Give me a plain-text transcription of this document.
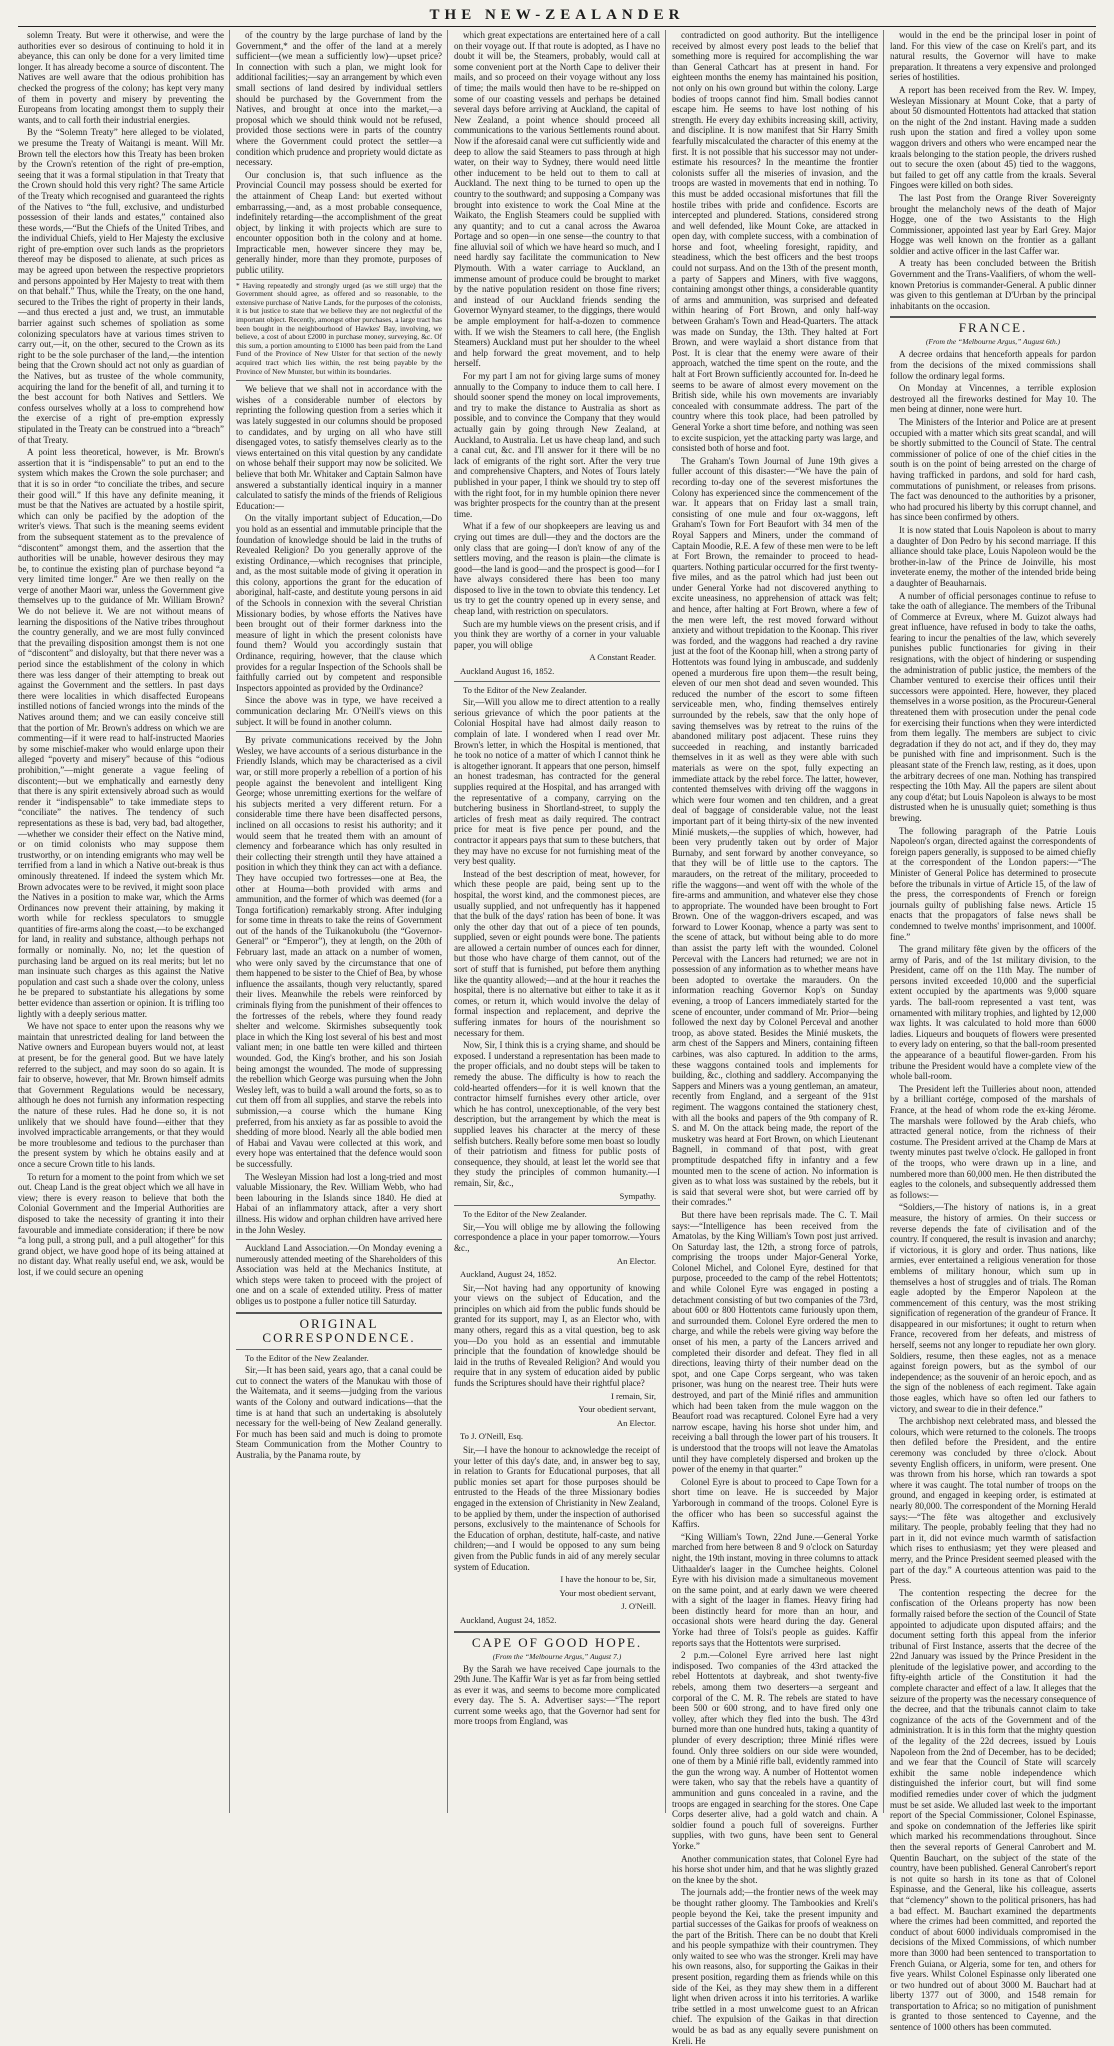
THE NEW-ZEALANDER

solemn Treaty. But were it otherwise, and were the authorities ever so desirous of continuing to hold it in abeyance, this can only be done for a very limited time longer. It has already become a source of discontent. The Natives are well aware that the odious prohibition has checked the progress of the colony; has kept very many of them in poverty and misery by preventing the Europeans from locating amongst them to supply their wants, and to call forth their industrial energies.

By the “Solemn Treaty” here alleged to be violated, we presume the Treaty of Waitangi is meant. Will Mr. Brown tell the electors how this Treaty has been broken by the Crown's retention of the right of pre-emption, seeing that it was a formal stipulation in that Treaty that the Crown should hold this very right? The same Article of the Treaty which recognised and guaranteed the rights of the Natives to “the full, exclusive, and undisturbed possession of their lands and estates,” contained also these words,—“But the Chiefs of the United Tribes, and the individual Chiefs, yield to Her Majesty the exclusive right of pre-emption over such lands as the proprietors thereof may be disposed to alienate, at such prices as may be agreed upon between the respective proprietors and persons appointed by Her Majesty to treat with them on that behalf.” Thus, while the Treaty, on the one hand, secured to the Tribes the right of property in their lands,—and thus erected a just and, we trust, an immutable barrier against such schemes of spoliation as some colonizing speculators have at various times striven to carry out,—it, on the other, secured to the Crown as its right to be the sole purchaser of the land,—the intention being that the Crown should act not only as guardian of the Natives, but as trustee of the whole community, acquiring the land for the benefit of all, and turning it to the best account for both Natives and Settlers. We confess ourselves wholly at a loss to comprehend how the exercise of a right of pre-emption expressly stipulated in the Treaty can be construed into a “breach” of that Treaty.

A point less theoretical, however, is Mr. Brown's assertion that it is “indispensable” to put an end to the system which makes the Crown the sole purchaser; and that it is so in order “to conciliate the tribes, and secure their good will.” If this have any definite meaning, it must be that the Natives are actuated by a hostile spirit, which can only be pacified by the adoption of the writer's views. That such is the meaning seems evident from the subsequent statement as to the prevalence of “discontent” amongst them, and the assertion that the authorities will be unable, however desirous they may be, to continue the existing plan of purchase beyond “a very limited time longer.” Are we then really on the verge of another Maori war, unless the Government give themselves up to the guidance of Mr. William Brown? We do not believe it. We are not without means of learning the dispositions of the Native tribes throughout the country generally, and we are most fully convinced that the prevailing disposition amongst them is not one of “discontent” and disloyalty, but that there never was a period since the establishment of the colony in which there was less danger of their attempting to break out against the Government and the settlers. In past days there were localities in which disaffected Europeans instilled notions of fancied wrongs into the minds of the Natives around them; and we can easily conceive still that the portion of Mr. Brown's address on which we are commenting—if it were read to half-instructed Maories by some mischief-maker who would enlarge upon their alleged “poverty and misery” because of this “odious prohibition,”—might generate a vague feeling of discontent;—but we emphatically and earnestly deny that there is any spirit extensively abroad such as would render it “indispensable” to take immediate steps to “conciliate” the natives. The tendency of such representations as these is bad, very bad, bad altogether,—whether we consider their effect on the Native mind, or on timid colonists who may suppose them trustworthy, or on intending emigrants who may well be terrified from a land in which a Native out-break is thus ominously threatened. If indeed the system which Mr. Brown advocates were to be revived, it might soon place the Natives in a position to make war, which the Arms Ordinances now prevent their attaining, by making it worth while for reckless speculators to smuggle quantities of fire-arms along the coast,—to be exchanged for land, in reality and substance, although perhaps not formally or nominally. No, no; let the question of purchasing land be argued on its real merits; but let no man insinuate such charges as this against the Native population and cast such a shade over the colony, unless he be prepared to substantiate his allegations by some better evidence than assertion or opinion. It is trifling too lightly with a deeply serious matter.

We have not space to enter upon the reasons why we maintain that unrestricted dealing for land between the Native owners and European buyers would not, at least at present, be for the general good. But we have lately referred to the subject, and may soon do so again. It is fair to observe, however, that Mr. Brown himself admits that Government Regulations would be necessary, although he does not furnish any information respecting the nature of these rules. Had he done so, it is not unlikely that we should have found—either that they involved impracticable arrangements, or that they would be more troublesome and tedious to the purchaser than the present system by which he obtains easily and at once a secure Crown title to his lands.

To return for a moment to the point from which we set out. Cheap Land is the great object which we all have in view; there is every reason to believe that both the Colonial Government and the Imperial Authorities are disposed to take the necessity of granting it into their favourable and immediate consideration; if there be now “a long pull, a strong pull, and a pull altogether” for this grand object, we have good hope of its being attained at no distant day. What really useful end, we ask, would be lost, if we could secure an opening

of the country by the large purchase of land by the Government,* and the offer of the land at a merely sufficient—(we mean a sufficiently low)—upset price? In connection with such a plan, we might look for additional facilities;—say an arrangement by which even small sections of land desired by individual settlers should be purchased by the Government from the Natives, and brought at once into the market,—a proposal which we should think would not be refused, provided those sections were in parts of the country where the Government could protect the settler—a condition which prudence and propriety would dictate as necessary.

Our conclusion is, that such influence as the Provincial Council may possess should be exerted for the attainment of Cheap Land: but exerted without embarrassing,—and, as a most probable consequence, indefinitely retarding—the accomplishment of the great object, by linking it with projects which are sure to encounter opposition both in the colony and at home. Impracticable men, however sincere they may be, generally hinder, more than they promote, purposes of public utility.

* Having repeatedly and strongly urged (as we still urge) that the Government should agree, as offered and so reasonable, to the extensive purchase of Native Lands, for the purposes of the colonists, it is but justice to state that we believe they are not neglectful of the important object. Recently, amongst other purchases, a large tract has been bought in the neighbourhood of Hawkes' Bay, involving, we believe, a cost of about £2000 in purchase money, surveying, &c. Of this sum, a portion amounting to £1000 has been paid from the Land Fund of the Province of New Ulster for that section of the newly acquired tract which lies within, the rest being payable by the Province of New Munster, but within its boundaries.

We believe that we shall not in accordance with the wishes of a considerable number of electors by reprinting the following question from a series which it was lately suggested in our columns should be proposed to candidates, and by urging on all who have still disengaged votes, to satisfy themselves clearly as to the views entertained on this vital question by any candidate on whose behalf their support may now be solicited. We believe that both Mr. Whitaker and Captain Salmon have answered a substantially identical inquiry in a manner calculated to satisfy the minds of the friends of Religious Education:—

On the vitally important subject of Education,—Do you hold as an essential and immutable principle that the foundation of knowledge should be laid in the truths of Revealed Religion? Do you generally approve of the existing Ordinance,—which recognises that principle, and, as the most suitable mode of giving it operation in this colony, apportions the grant for the education of aboriginal, half-caste, and destitute young persons in aid of the Schools in connexion with the several Christian Missionary bodies, by whose efforts the Natives have been brought out of their former darkness into the measure of light in which the present colonists have found them? Would you accordingly sustain that Ordinance, requiring, however, that the clause which provides for a regular Inspection of the Schools shall be faithfully carried out by competent and responsible Inspectors appointed as provided by the Ordinance?

Since the above was in type, we have received a communication declaring Mr. O'Neill's views on this subject. It will be found in another column.

By private communications received by the John Wesley, we have accounts of a serious disturbance in the Friendly Islands, which may be characterised as a civil war, or still more properly a rebellion of a portion of his people against the benevolent and intelligent King George; whose unremitting exertions for the welfare of his subjects merited a very different return. For a considerable time there have been disaffected persons, inclined on all occasions to resist his authority; and it would seem that he treated them with an amount of clemency and forbearance which has only resulted in their collecting their strength until they have attained a position in which they think they can act with a defiance. They have occupied two fortresses—one at Bea, the other at Houma—both provided with arms and ammunition, and the former of which was deemed (for a Tonga fortification) remarkably strong. After indulging for some time in threats to take the reins of Government out of the hands of the Tuikanokubolu (the “Governor-General” or “Emperor”), they at length, on the 20th of February last, made an attack on a number of women, who were only saved by the circumstance that one of them happened to be sister to the Chief of Bea, by whose influence the assailants, though very reluctantly, spared their lives. Meanwhile the rebels were reinforced by criminals flying from the punishment of their offences to the fortresses of the rebels, where they found ready shelter and welcome. Skirmishes subsequently took place in which the King lost several of his best and most valiant men; in one battle ten were killed and thirteen wounded. God, the King's brother, and his son Josiah being amongst the wounded. The mode of suppressing the rebellion which George was pursuing when the John Wesley left, was to build a wall around the forts, so as to cut them off from all supplies, and starve the rebels into submission,—a course which the humane King preferred, from his anxiety as far as possible to avoid the shedding of more blood. Nearly all the able bodied men of Habai and Vavau were collected at this work, and every hope was entertained that the defence would soon be successfully.

The Wesleyan Mission had lost a long-tried and most valuable Missionary, the Rev. William Webb, who had been labouring in the Islands since 1840. He died at Habai of an inflammatory attack, after a very short illness. His widow and orphan children have arrived here in the John Wesley.

Auckland Land Association.—On Monday evening a numerously attended meeting of the Shareholders of this Association was held at the Mechanics Institute, at which steps were taken to proceed with the project of one and on a scale of extended utility. Press of matter obliges us to postpone a fuller notice till Saturday.

ORIGINAL CORRESPONDENCE.
To the Editor of the New Zealander.

Sir,—It has been said, years ago, that a canal could be cut to connect the waters of the Manukau with those of the Waitemata, and it seems—judging from the various wants of the Colony and outward indications—that the time is at hand that such an undertaking is absolutely necessary for the well-being of New Zealand generally. For much has been said and much is doing to promote Steam Communication from the Mother Country to Australia, by the Panama route, by

which great expectations are entertained here of a call on their voyage out. If that route is adopted, as I have no doubt it will be, the Steamers, probably, would call at some convenient port at the North Cape to deliver their mails, and so proceed on their voyage without any loss of time; the mails would then have to be re-shipped on some of our coasting vessels and perhaps be detained several days before arriving at Auckland, the capital of New Zealand, a point whence should proceed all communications to the various Settlements round about. Now if the aforesaid canal were cut sufficiently wide and deep to allow the said Steamers to pass through at high water, on their way to Sydney, there would need little other inducement to be held out to them to call at Auckland. The next thing to be turned to open up the country to the southward; and supposing a Company was brought into existence to work the Coal Mine at the Waikato, the English Steamers could be supplied with any quantity; and to cut a canal across the Awaroa Portage and so open—in one sense—the country to that fine alluvial soil of which we have heard so much, and I need hardly say facilitate the communication to New Plymouth. With a water carriage to Auckland, an immense amount of produce could be brought to market by the native population resident on those fine rivers; and instead of our Auckland friends sending the Governor Wynyard steamer, to the diggings, there would be ample employment for half-a-dozen to commence with. If we wish the Steamers to call here, (the English Steamers) Auckland must put her shoulder to the wheel and help forward the great movement, and to help herself.

For my part I am not for giving large sums of money annually to the Company to induce them to call here. I should sooner spend the money on local improvements, and try to make the distance to Australia as short as possible, and to convince the Company that they would actually gain by going through New Zealand, at Auckland, to Australia. Let us have cheap land, and such a canal cut, &c. and I'll answer for it there will be no lack of emigrants of the right sort. After the very true and comprehensive Chapters, and Notes of Tours lately published in your paper, I think we should try to step off with the right foot, for in my humble opinion there never was brighter prospects for the country than at the present time.

What if a few of our shopkeepers are leaving us and crying out times are dull—they and the doctors are the only class that are going—I don't know of any of the settlers moving, and the reason is plain—the climate is good—the land is good—and the prospect is good—for I have always considered there has been too many disposed to live in the town to obviate this tendency. Let us try to get the country opened up in every sense, and cheap land, with restriction on speculators.

Such are my humble views on the present crisis, and if you think they are worthy of a corner in your valuable paper, you will oblige

A Constant Reader.
Auckland August 16, 1852.
To the Editor of the New Zealander.

Sir,—Will you allow me to direct attention to a really serious grievance of which the poor patients at the Colonial Hospital have had almost daily reason to complain of late. I wondered when I read over Mr. Brown's letter, in which the Hospital is mentioned, that he took no notice of a matter of which I cannot think he is altogether ignorant. It appears that one person, himself an honest tradesman, has contracted for the general supplies required at the Hospital, and has arranged with the representative of a company, carrying on the butchering business in Shortland-street, to supply the articles of fresh meat as daily required. The contract price for meat is five pence per pound, and the contractor it appears pays that sum to these butchers, that they may have no excuse for not furnishing meat of the very best quality.

Instead of the best description of meat, however, for which these people are paid, being sent up to the hospital, the worst kind, and the commonest pieces, are usually supplied, and not unfrequently has it happened that the bulk of the days' ration has been of bone. It was only the other day that out of a piece of ten pounds, supplied, seven or eight pounds were bone. The patients are allowed a certain number of ounces each for dinner, but those who have charge of them cannot, out of the sort of stuff that is furnished, put before them anything like the quantity allowed;—and at the hour it reaches the hospital, there is no alternative but either to take it as it comes, or return it, which would involve the delay of formal inspection and replacement, and deprive the suffering inmates for hours of the nourishment so necessary for them.

Now, Sir, I think this is a crying shame, and should be exposed. I understand a representation has been made to the proper officials, and no doubt steps will be taken to remedy the abuse. The difficulty is how to reach the cold-hearted offenders—for it is well known that the contractor himself furnishes every other article, over which he has control, unexceptionable, of the very best description, but the arrangement by which the meat is supplied leaves his character at the mercy of these selfish butchers. Really before some men boast so loudly of their patriotism and fitness for public posts of consequence, they should, at least let the world see that they study the principles of common humanity.—I remain, Sir, &c.,

Sympathy.
To the Editor of the New Zealander.

Sir,—You will oblige me by allowing the following correspondence a place in your paper tomorrow.—Yours &c.,

An Elector.
Auckland, August 24, 1852.

Sir,—Not having had any opportunity of knowing your views on the subject of Education, and the principles on which aid from the public funds should be granted for its support, may I, as an Elector who, with many others, regard this as a vital question, beg to ask you—Do you hold as an essential and immutable principle that the foundation of knowledge should be laid in the truths of Revealed Religion? And would you require that in any system of education aided by public funds the Scriptures should have their rightful place?

I remain, Sir,
Your obedient servant,
An Elector.
To J. O'Neill, Esq.

Sir,—I have the honour to acknowledge the receipt of your letter of this day's date, and, in answer beg to say, in relation to Grants for Educational purposes, that all public monies set apart for those purposes should be entrusted to the Heads of the three Missionary bodies engaged in the extension of Christianity in New Zealand, to be applied by them, under the inspection of authorised persons, exclusively to the maintenance of Schools for the Education of orphan, destitute, half-caste, and native children;—and I would be opposed to any sum being given from the Public funds in aid of any merely secular system of Education.

I have the honour to be, Sir,
Your most obedient servant,
J. O'Neill.
Auckland, August 24, 1852.
CAPE OF GOOD HOPE.
(From the “Melbourne Argus,” August 7.)

By the Sarah we have received Cape journals to the 29th June. The Kaffir War is yet as far from being settled as ever it was, and seems to become more complicated every day. The S. A. Advertiser says:—“The report current some weeks ago, that the Governor had sent for more troops from England, was

contradicted on good authority. But the intelligence received by almost every post leads to the belief that something more is required for accomplishing the war than General Cathcart has at present in hand. For eighteen months the enemy has maintained his position, not only on his own ground but within the colony. Large bodies of troops cannot find him. Small bodies cannot escape him. He seems to have lost nothing of his strength. He every day exhibits increasing skill, activity, and discipline. It is now manifest that Sir Harry Smith fearfully miscalculated the character of this enemy at the first. It is not possible that his successor may not under-estimate his resources? In the meantime the frontier colonists suffer all the miseries of invasion, and the troops are wasted in movements that end in nothing. To this must be added occasional misfortunes that fill the hostile tribes with pride and confidence. Escorts are intercepted and plundered. Stations, considered strong and well defended, like Mount Coke, are attacked in open day, with complete success, with a combination of horse and foot, wheeling foresight, rapidity, and steadiness, which the best officers and the best troops could not surpass. And on the 13th of the present month, a party of Sappers and Miners, with five waggons, containing amongst other things, a considerable quantity of arms and ammunition, was surprised and defeated within hearing of Fort Brown, and only half-way between Graham's Town and Head-Quarters. The attack was made on Sunday, the 13th. They halted at Fort Brown, and were waylaid a short distance from that Post. It is clear that the enemy were aware of their approach, watched the time spent on the route, and the halt at Fort Brown sufficiently accounted for. In-deed he seems to be aware of almost every movement on the British side, while his own movements are invariably concealed with consummate address. The part of the country where this took place, had been patrolled by General Yorke a short time before, and nothing was seen to excite suspicion, yet the attacking party was large, and consisted both of horse and foot.

The Graham's Town Journal of June 19th gives a fuller account of this disaster:—“We have the pain of recording to-day one of the severest misfortunes the Colony has experienced since the commencement of the war. It appears that on Friday last a small train, consisting of one mule and four ox-waggons, left Graham's Town for Fort Beaufort with 34 men of the Royal Sappers and Miners, under the command of Captain Moodie, R.E. A few of these men were to be left at Fort Brown, the remainder to proceed to head-quarters. Nothing particular occurred for the first twenty-five miles, and as the patrol which had just been out under General Yorke had not discovered anything to excite uneasiness, no apprehension of attack was felt; and hence, after halting at Fort Brown, where a few of the men were left, the rest moved forward without anxiety and without trepidation to the Koonap. This river was forded, and the waggons had reached a dry ravine just at the foot of the Koonap hill, when a strong party of Hottentots was found lying in ambuscade, and suddenly opened a murderous fire upon them—the result being, eleven of our men shot dead and seven wounded. This reduced the number of the escort to some fifteen serviceable men, who, finding themselves entirely surrounded by the rebels, saw that the only hope of saving themselves was by retreat to the ruins of the abandoned military post adjacent. These ruins they succeeded in reaching, and instantly barricaded themselves in it as well as they were able with such materials as were on the spot, fully expecting an immediate attack by the rebel force. The latter, however, contented themselves with driving off the waggons in which were four women and ten children, and a great deal of baggage of considerable value, not the least important part of it being thirty-six of the new invented Minié muskets,—the supplies of which, however, had been very prudently taken out by order of Major Burnaby, and sent forward by another conveyance, so that they will be of little use to the captors. The marauders, on the retreat of the military, proceeded to rifle the waggons—and went off with the whole of the fire-arms and ammunition, and whatever else they chose to appropriate. The wounded have been brought to Fort Brown. One of the waggon-drivers escaped, and was forward to Lower Koonap, whence a party was sent to the scene of attack, but without being able to do more than assist the party left with the wounded. Colonel Perceval with the Lancers had returned; we are not in possession of any information as to whether means have been adopted to overtake the marauders. On the information reaching Governor Kop's on Sunday evening, a troop of Lancers immediately started for the scene of encounter, under command of Mr. Prior—being followed the next day by Colonel Perceval and another troop, as above stated. Besides the Minié muskets, the arm chest of the Sappers and Miners, containing fifteen carbines, was also captured. In addition to the arms, these waggons contained tools and implements for building, &c., clothing and saddlery. Accompanying the Sappers and Miners was a young gentleman, an amateur, recently from England, and a sergeant of the 91st regiment. The waggons contained the stationery chest, with all the books and papers of the 9th company of R. S. and M. On the attack being made, the report of the musketry was heard at Fort Brown, on which Lieutenant Bagnell, in command of that post, with great promptitude despatched fifty in infantry and a few mounted men to the scene of action. No information is given as to what loss was sustained by the rebels, but it is said that several were shot, but were carried off by their comrades.”

But there have been reprisals made. The C. T. Mail says:—“Intelligence has been received from the Amatolas, by the King William's Town post just arrived. On Saturday last, the 12th, a strong force of patrols, comprising the troops under Major-General Yorke, Colonel Michel, and Colonel Eyre, destined for that purpose, proceeded to the camp of the rebel Hottentots; and while Colonel Eyre was engaged in posting a detachment consisting of but two companies of the 73rd, about 600 or 800 Hottentots came furiously upon them, and surrounded them. Colonel Eyre ordered the men to charge, and while the rebels were giving way before the onset of his men, a party of the Lancers arrived and completed their disorder and defeat. They fled in all directions, leaving thirty of their number dead on the spot, and one Cape Corps sergeant, who was taken prisoner, was hung on the nearest tree. Their huts were destroyed, and part of the Minié rifles and ammunition which had been taken from the mule waggon on the Beaufort road was recaptured. Colonel Eyre had a very narrow escape, having his horse shot under him, and receiving a ball through the lower part of his trousers. It is understood that the troops will not leave the Amatolas until they have completely dispersed and broken up the power of the enemy in that quarter.”

Colonel Eyre is about to proceed to Cape Town for a short time on leave. He is succeeded by Major Yarborough in command of the troops. Colonel Eyre is the officer who has been so successful against the Kaffirs.

“King William's Town, 22nd June.—General Yorke marched from here between 8 and 9 o'clock on Saturday night, the 19th instant, moving in three columns to attack Uithaalder's laager in the Cumchee heights. Colonel Eyre with his division made a simultaneous movement on the same point, and at early dawn we were cheered with a sight of the laager in flames. Heavy firing had been distinctly heard for more than an hour, and occasional shots were heard during the day. General Yorke had three of Tolsi's people as guides. Kaffir reports says that the Hottentots were surprised.

2 p.m.—Colonel Eyre arrived here last night indisposed. Two companies of the 43rd attacked the rebel Hottentots at daybreak, and shot twenty-five rebels, among them two deserters—a sergeant and corporal of the C. M. R. The rebels are stated to have been 500 or 600 strong, and to have fired only one volley, after which they fled into the bush. The 43rd burned more than one hundred huts, taking a quantity of plunder of every description; three Minié rifles were found. Only three soldiers on our side were wounded, one of them by a Minié rifle ball, evidently rammed into the gun the wrong way. A number of Hottentot women were taken, who say that the rebels have a quantity of ammunition and guns concealed in a ravine, and the troops are engaged in searching for the stores. One Cape Corps deserter alive, had a gold watch and chain. A soldier found a pouch full of sovereigns. Further supplies, with two guns, have been sent to General Yorke.”

Another communication states, that Colonel Eyre had his horse shot under him, and that he was slightly grazed on the knee by the shot.

The journals add;—the frontier news of the week may be thought rather gloomy. The Tambookies and Kreli's people beyond the Kei, take the present impunity and partial successes of the Gaikas for proofs of weakness on the part of the British. There can be no doubt that Kreli and his people sympathize with their countrymen. They only waited to see who was the stronger. Kreli may have his own reasons, also, for supporting the Gaikas in their present position, regarding them as friends while on this side of the Kei, as they may shew them in a different light when driven across it into his territories. A warlike tribe settled in a most unwelcome guest to an African chief. The expulsion of the Gaikas in that direction would be as bad as any equally severe punishment on Kreli. He

would in the end be the principal loser in point of land. For this view of the case on Kreli's part, and its natural results, the Governor will have to make preparation. It threatens a very expensive and prolonged series of hostilities.

A report has been received from the Rev. W. Impey, Wesleyan Missionary at Mount Coke, that a party of about 50 dismounted Hottentots had attacked that station on the night of the 2nd instant. Having made a sudden rush upon the station and fired a volley upon some waggon drivers and others who were encamped near the kraals belonging to the station people, the drivers rushed out to secure the oxen (about 45) tied to the waggons, but failed to get off any cattle from the kraals. Several Fingoes were killed on both sides.

The last Post from the Orange River Sovereignty brought the melancholy news of the death of Major Hogge, one of the two Assistants to the High Commissioner, appointed last year by Earl Grey. Major Hogge was well known on the frontier as a gallant soldier and active officer in the last Caffer war.

A treaty has been concluded between the British Government and the Trans-Vaalifiers, of whom the well-known Pretorius is commander-General. A public dinner was given to this gentleman at D'Urban by the principal inhabitants on the occasion.

FRANCE.
(From the “Melbourne Argus,” August 6th.)

A decree ordains that henceforth appeals for pardon from the decisions of the mixed commissions shall follow the ordinary legal forms.

On Monday at Vincennes, a terrible explosion destroyed all the fireworks destined for May 10. The men being at dinner, none were hurt.

The Ministers of the Interior and Police are at present occupied with a matter which sits great scandal, and will be shortly submitted to the Council of State. The central commissioner of police of one of the chief cities in the south is on the point of being arrested on the charge of having trafficked in pardons, and sold for hard cash, commutations of punishment, or releases from prisons. The fact was denounced to the authorities by a prisoner, who had procured his liberty by this corrupt channel, and has since been confirmed by others.

It is now stated that Louis Napoleon is about to marry a daughter of Don Pedro by his second marriage. If this alliance should take place, Louis Napoleon would be the brother-in-law of the Prince de Joinville, his most inveterate enemy, the mother of the intended bride being a daughter of Beauharnais.

A number of official personages continue to refuse to take the oath of allegiance. The members of the Tribunal of Commerce at Evreux, where M. Guizot always had great influence, have refused in body to take the oaths, fearing to incur the penalties of the law, which severely punishes public functionaries for giving in their resignations, with the object of hindering or suspending the administration of public justice, the members of the Chamber ventured to exercise their offices until their successors were appointed. Here, however, they placed themselves in a worse position, as the Procureur-General threatened them with prosecution under the penal code for exercising their functions when they were interdicted from them legally. The members are subject to civic degradation if they do not act, and if they do, they may be punished with fine and imprisonment. Such is the pleasant state of the French law, resting, as it does, upon the arbitrary decrees of one man. Nothing has transpired respecting the 10th May. All the papers are silent about any coup d'état; but Louis Napoleon is always to be most distrusted when he is unusually quiet; something is thus brewing.

The following paragraph of the Patrie Louis Napoleon's organ, directed against the correspondents of foreign papers generally, is supposed to be aimed chiefly at the correspondent of the London papers:—“The Minister of General Police has determined to prosecute before the tribunals in virtue of Article 15, of the law of the press, the correspondents of French or foreign journals guilty of publishing false news. Article 15 enacts that the propagators of false news shall be condemned to twelve months' imprisonment, and 1000f. fine.”

The grand military fête given by the officers of the army of Paris, and of the 1st military division, to the President, came off on the 11th May. The number of persons invited exceeded 10,000 and the superficial extent occupied by the apartments was 9,000 square yards. The ball-room represented a vast tent, was ornamented with military trophies, and lighted by 12,000 wax lights. It was calculated to hold more than 6000 ladies. Liqueurs and bouquets of flowers were presented to every lady on entering, so that the ball-room presented the appearance of a beautiful flower-garden. From his tribune the President would have a complete view of the whole ball-room.

The President left the Tuilleries about noon, attended by a brilliant cortége, composed of the marshals of France, at the head of whom rode the ex-king Jérome. The marshals were followed by the Arab chiefs, who attracted general notice, from the richness of their costume. The President arrived at the Champ de Mars at twenty minutes past twelve o'clock. He galloped in front of the troops, who were drawn up in a line, and numbered more than 60,000 men. He then distributed the eagles to the colonels, and subsequently addressed them as follows:—

“Soldiers,—The history of nations is, in a great measure, the history of armies. On their success or reverse depends the fate of civilisation and of the country. If conquered, the result is invasion and anarchy; if victorious, it is glory and order. Thus nations, like armies, ever entertained a religious veneration for those emblems of military honour, which sum up in themselves a host of struggles and of trials. The Roman eagle adopted by the Emperor Napoleon at the commencement of this century, was the most striking signification of regeneration of the grandeur of France. It disappeared in our misfortunes; it ought to return when France, recovered from her defeats, and mistress of herself, seems not any longer to repudiate her own glory. Soldiers, resume, then these eagles, not as a menace against foreign powers, but as the symbol of our independence; as the souvenir of an heroic epoch, and as the sign of the nobleness of each regiment. Take again those eagles, which have so often led our fathers to victory, and swear to die in their defence.”

The archbishop next celebrated mass, and blessed the colours, which were returned to the colonels. The troops then defiled before the President, and the entire ceremony was concluded by three o'clock. About seventy English officers, in uniform, were present. One was thrown from his horse, which ran towards a spot where it was caught. The total number of troops on the ground, and engaged in keeping order, is estimated at nearly 80,000. The correspondent of the Morning Herald says:—“The fête was altogether and exclusively military. The people, probably feeling that they had no part in it, did not evince much warmth of satisfaction which rises to enthusiasm; yet they were pleased and merry, and the Prince President seemed pleased with the part of the day.” A courteous attention was paid to the Press.

The contention respecting the decree for the confiscation of the Orleans property has now been formally raised before the section of the Council of State appointed to adjudicate upon disputed affairs; and the document setting forth this appeal from the inferior tribunal of First Instance, asserts that the decree of the 22nd January was issued by the Prince President in the plenitude of the legislative power, and according to the fifty-eighth article of the Constitution it had the complete character and effect of a law. It alleges that the seizure of the property was the necessary consequence of the decree, and that the tribunals cannot claim to take cognizance of the acts of the Government and of the administration. It is in this form that the mighty question of the legality of the 22d decrees, issued by Louis Napoleon from the 2nd of December, has to be decided; and we fear that the Council of State will scarcely exhibit the same noble independence which distinguished the inferior court, but will find some modified remedies under cover of which the judgment must be set aside. We alluded last week to the important report of the Special Commissioner, Colonel Espinasse, and spoke on condemnation of the Jefferies like spirit which marked his recommendations throughout. Since then the several reports of General Canrobert and M. Quentin Bauchart, on the subject of the state of the country, have been published. General Canrobert's report is not quite so harsh in its tone as that of Colonel Espinasse, and the General, like his colleague, asserts that “clemency” shown to the political prisoners, has had a bad effect. M. Bauchart examined the departments where the crimes had been committed, and reported the conduct of about 6000 individuals compromised in the decisions of the Mixed Commissions, of which number more than 3000 had been sentenced to transportation to French Guiana, or Algeria, some for ten, and others for five years. Whilst Colonel Espinasse only liberated one or two hundred out of about 3000 M. Bauchart had at liberty 1377 out of 3000, and 1548 remain for transportation to Africa; so no mitigation of punishment is granted to those sentenced to Cayenne, and the sentence of 1000 others has been commuted.
